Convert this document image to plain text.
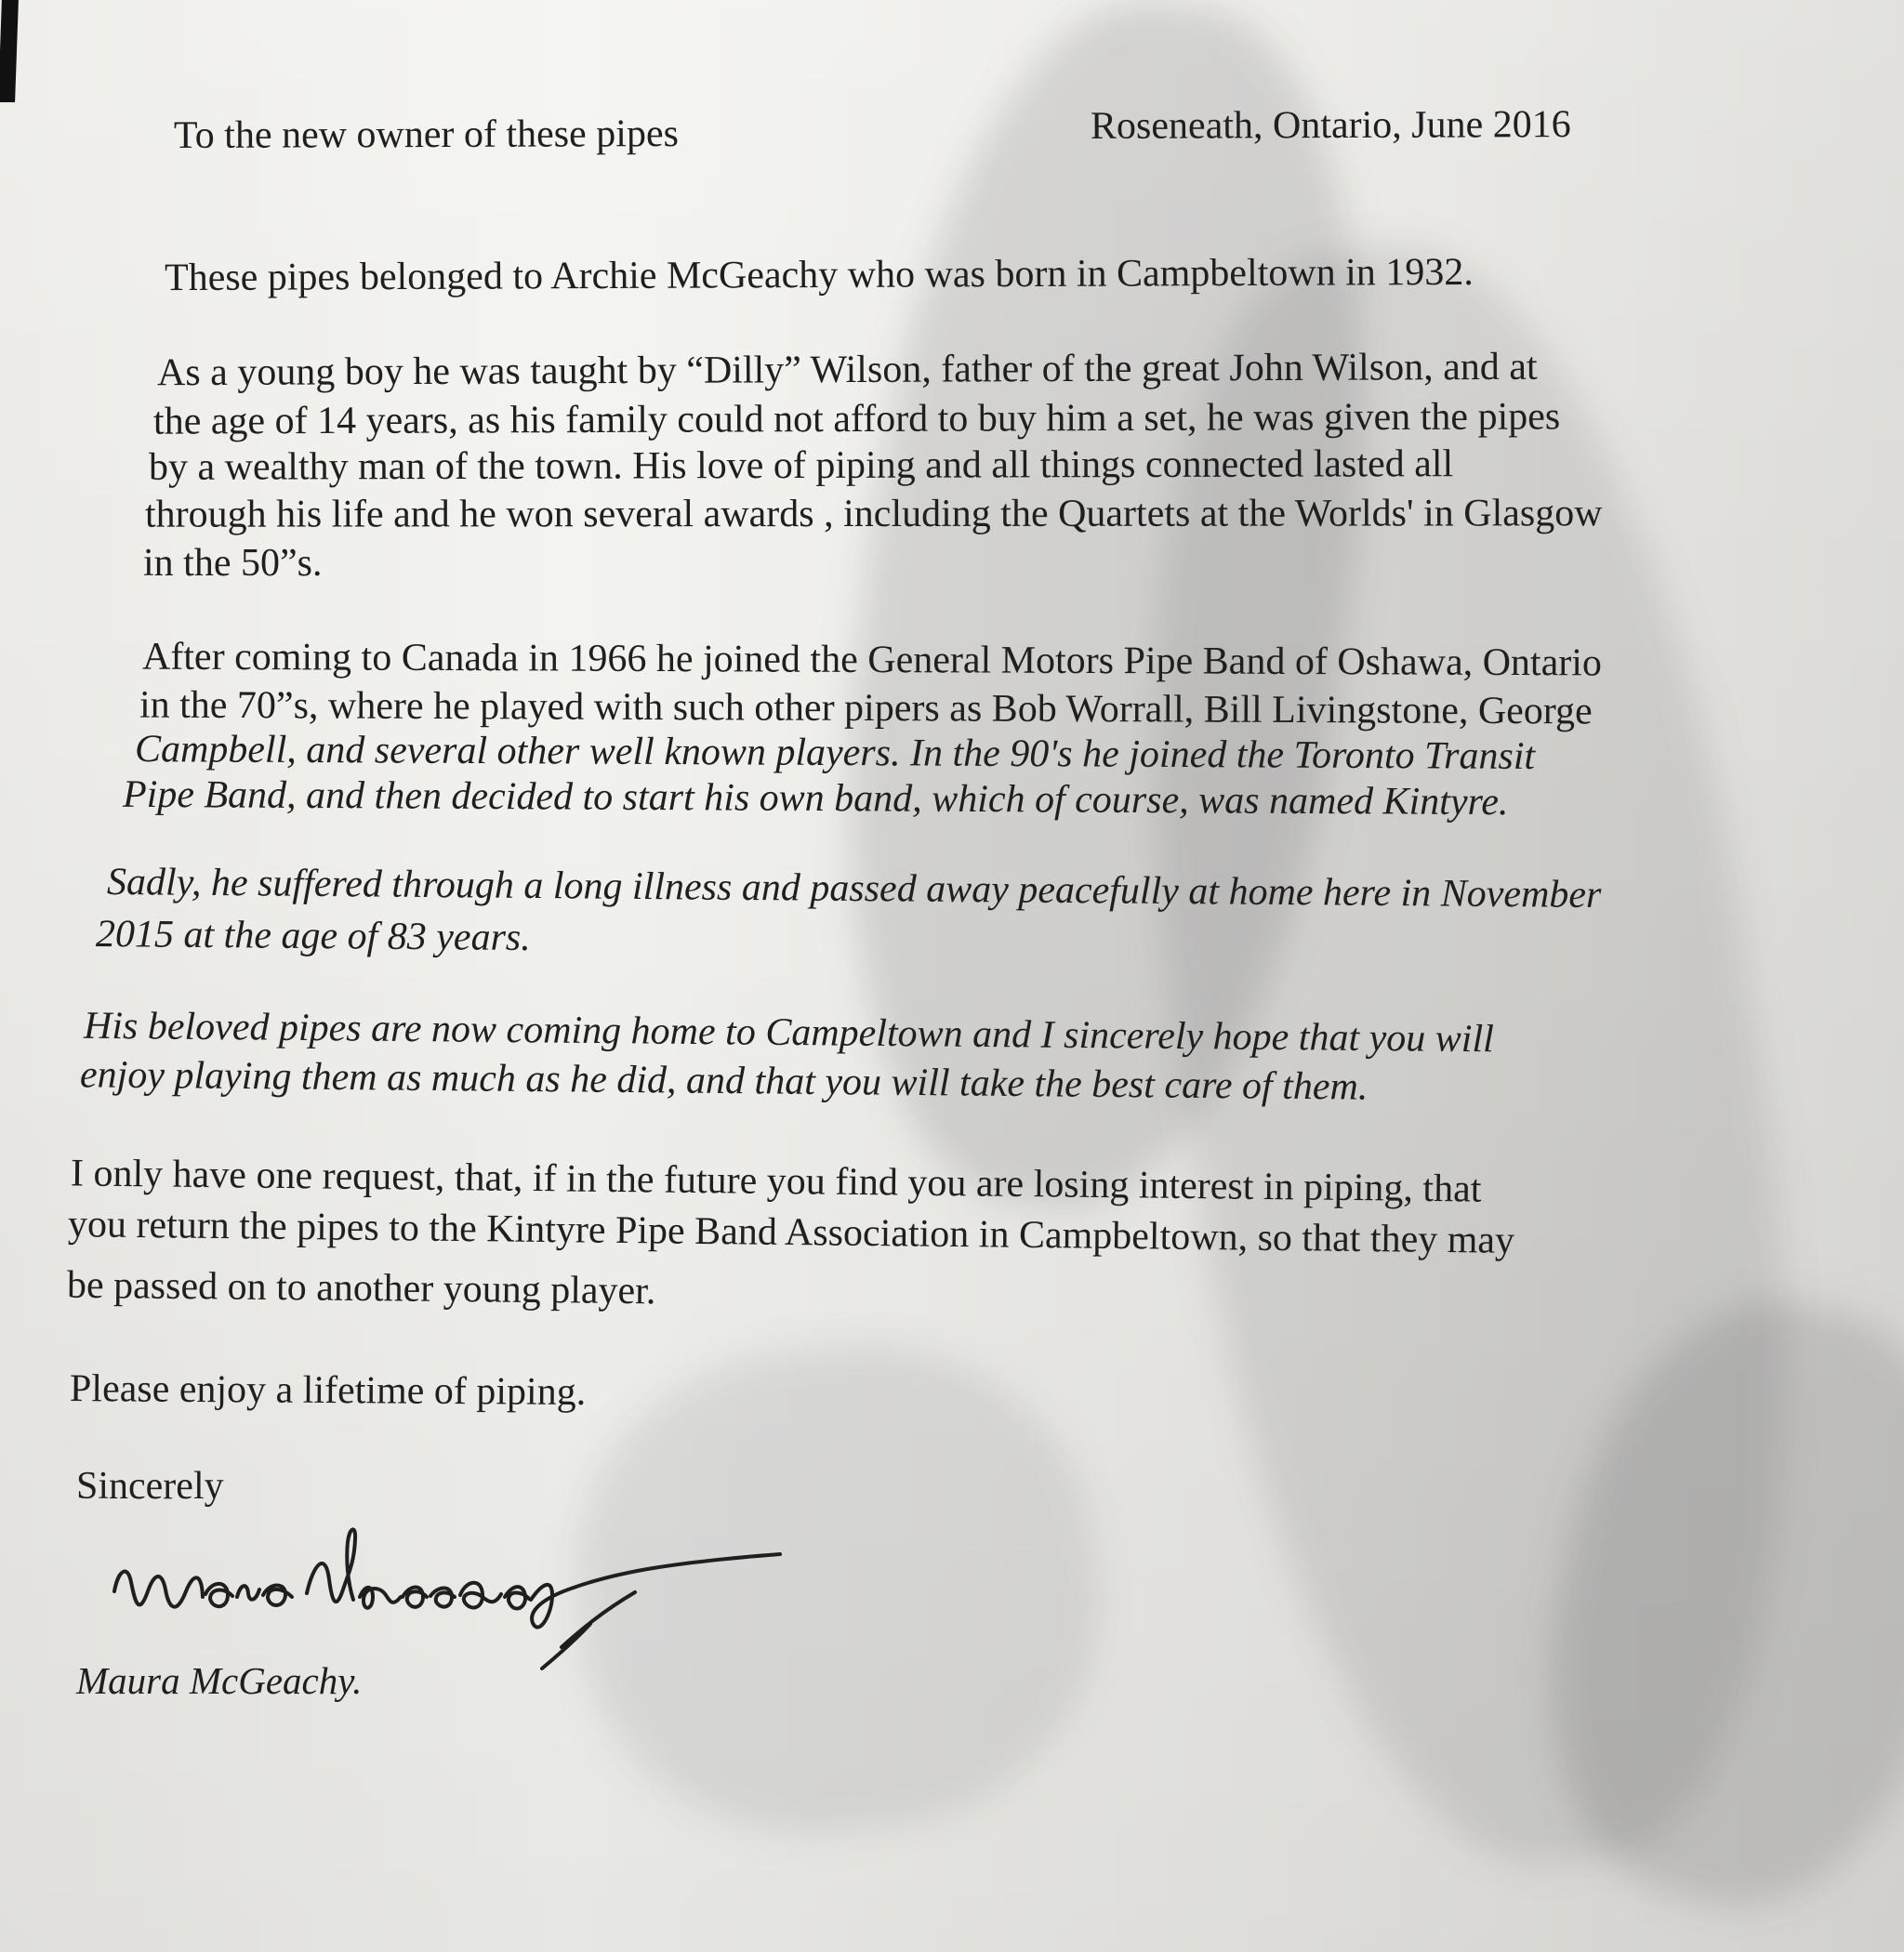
To the new owner of these pipes	Roseneath, Ontario, June 2016
These pipes belonged to Archie McGeachy who was born in Campbeltown in 1932.
As a young boy he was taught by “Dilly” Wilson, father of the great John Wilson, and at
the age of 14 years, as his family could not afford to buy him a set, he was given the pipes
by a wealthy man of the town. His love of piping and all things connected lasted all
through his life and he won several awards , including the Quartets at the Worlds' in Glasgow
in the 50”s.
After coming to Canada in 1966 he joined the General Motors Pipe Band of Oshawa, Ontario
in the 70”s, where he played with such other pipers as Bob Worrall, Bill Livingstone, George
Campbell, and several other well known players. In the 90's he joined the Toronto Transit
Pipe Band, and then decided to start his own band, which of course, was named Kintyre.
Sadly, he suffered through a long illness and passed away peacefully at home here in November
2015 at the age of 83 years.
His beloved pipes are now coming home to Campeltown and I sincerely hope that you will
enjoy playing them as much as he did, and that you will take the best care of them.
I only have one request, that, if in the future you find you are losing interest in piping, that
you return the pipes to the Kintyre Pipe Band Association in Campbeltown, so that they may
be passed on to another young player.
Please enjoy a lifetime of piping.
Sincerely
Maura McGeachy.
